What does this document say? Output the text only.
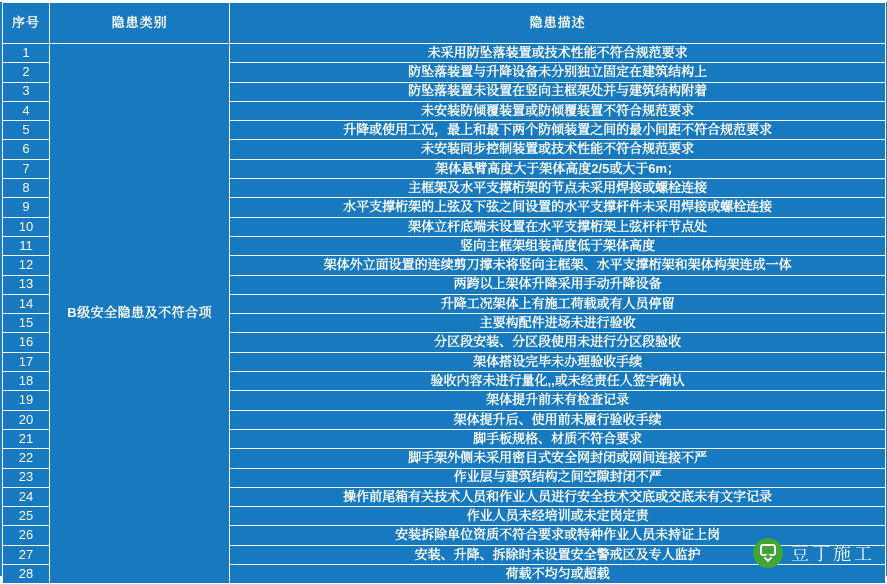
序号	隐患类别	隐患描述
1	B级安全隐患及不符合项	未采用防坠落装置或技术性能不符合规范要求
2		防坠落装置与升降设备未分别独立固定在建筑结构上
3		防坠落装置未设置在竖向主框架处并与建筑结构附着
4		未安装防倾覆装置或防倾覆装置不符合规范要求
5		升降或使用工况，最上和最下两个防倾装置之间的最小间距不符合规范要求
6		未安装同步控制装置或技术性能不符合规范要求
7		架体悬臂高度大于架体高度2/5或大于6m；
8		主框架及水平支撑桁架的节点未采用焊接或螺栓连接
9		水平支撑桁架的上弦及下弦之间设置的水平支撑杆件未采用焊接或螺栓连接
10		架体立杆底端未设置在水平支撑桁架上弦杆杆节点处
11		竖向主框架组装高度低于架体高度
12		架体外立面设置的连续剪刀撑未将竖向主框架、水平支撑桁架和架体构架连成一体
13		两跨以上架体升降采用手动升降设备
14		升降工况架体上有施工荷载或有人员停留
15		主要构配件进场未进行验收
16		分区段安装、分区段使用未进行分区段验收
17		架体搭设完毕未办理验收手续
18		验收内容未进行量化,,或未经责任人签字确认
19		架体提升前未有检查记录
20		架体提升后、使用前未履行验收手续
21		脚手板规格、材质不符合要求
22		脚手架外侧未采用密目式安全网封闭或网间连接不严
23		作业层与建筑结构之间空隙封闭不严
24		操作前尾箱有关技术人员和作业人员进行安全技术交底或交底未有文字记录
25		作业人员未经培训或未定岗定责
26		安装拆除单位资质不符合要求或特种作业人员未持证上岗
27		安装、升降、拆除时未设置安全警戒区及专人监护
28		荷载不均匀或超载
豆丁施工
